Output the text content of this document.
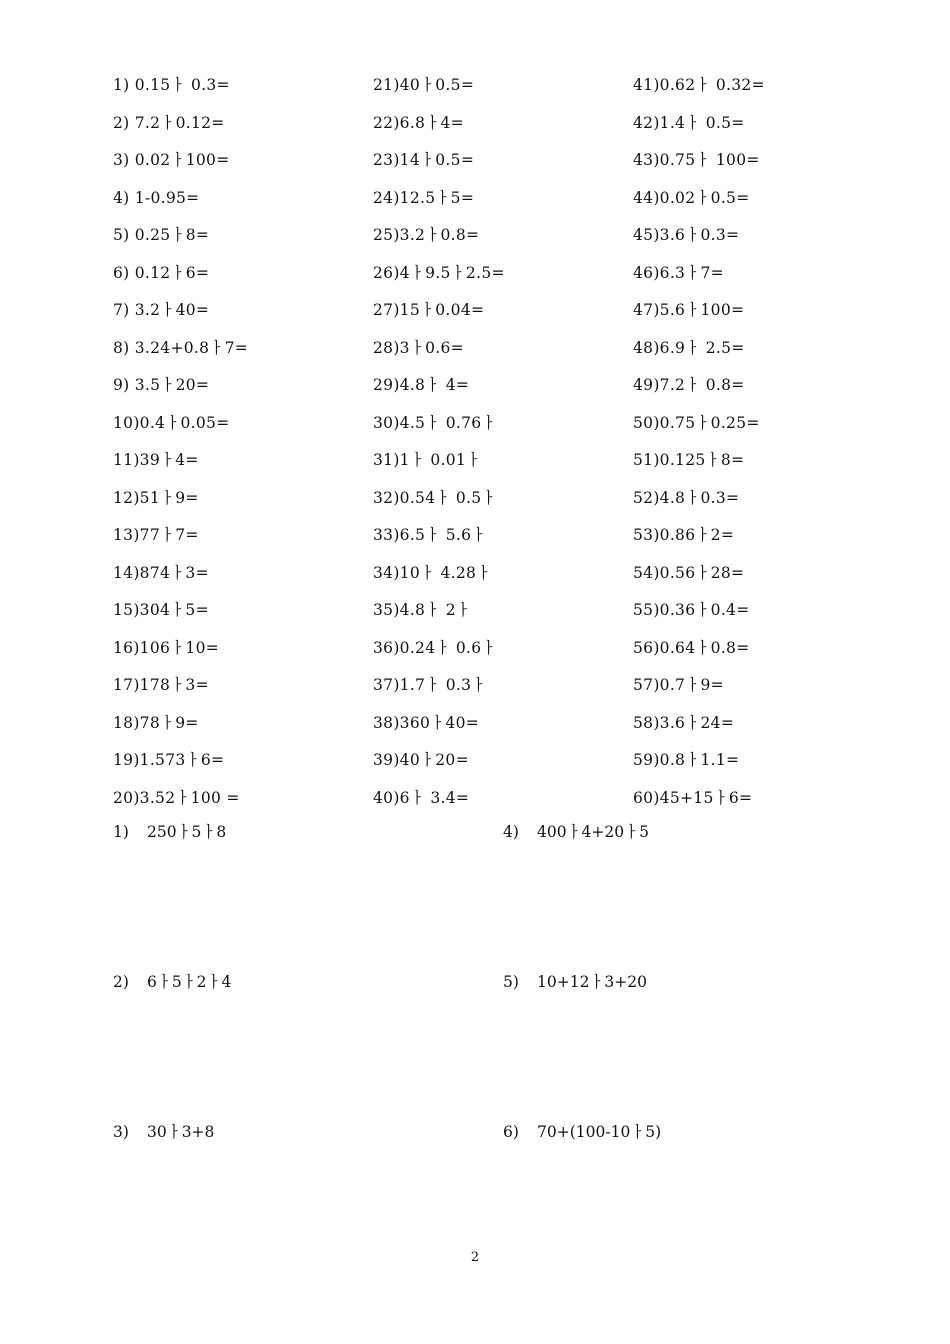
1) 0.15ￂ 0.3=
2) 7.2ￂ0.12=
3) 0.02ￂ100=
4) 1-0.95=
5) 0.25ￂ8=
6) 0.12ￂ6=
7) 3.2ￂ40=
8) 3.24+0.8ￂ7=
9) 3.5ￂ20=
10)0.4ￂ0.05=
11)39ￂ4=
12)51ￂ9=
13)77ￂ7=
14)874ￂ3=
15)304ￂ5=
16)106ￂ10=
17)178ￂ3=
18)78ￂ9=
19)1.573ￂ6=
20)3.52ￂ100 =
21)40ￂ0.5=
22)6.8ￂ4=
23)14ￂ0.5=
24)12.5ￂ5=
25)3.2ￂ0.8=
26)4ￂ9.5ￂ2.5=
27)15ￂ0.04=
28)3ￂ0.6=
29)4.8ￂ 4=
30)4.5ￂ 0.76ￂ
31)1ￂ 0.01ￂ
32)0.54ￂ 0.5ￂ
33)6.5ￂ 5.6ￂ
34)10ￂ 4.28ￂ
35)4.8ￂ 2ￂ
36)0.24ￂ 0.6ￂ
37)1.7ￂ 0.3ￂ
38)360ￂ40=
39)40ￂ20=
40)6ￂ 3.4=
41)0.62ￂ 0.32=
42)1.4ￂ 0.5=
43)0.75ￂ 100=
44)0.02ￂ0.5=
45)3.6ￂ0.3=
46)6.3ￂ7=
47)5.6ￂ100=
48)6.9ￂ 2.5=
49)7.2ￂ 0.8=
50)0.75ￂ0.25=
51)0.125ￂ8=
52)4.8ￂ0.3=
53)0.86ￂ2=
54)0.56ￂ28=
55)0.36ￂ0.4=
56)0.64ￂ0.8=
57)0.7ￂ9=
58)3.6ￂ24=
59)0.8ￂ1.1=
60)45+15ￂ6=
1) 250ￂ5ￂ8
2) 6ￂ5ￂ2ￂ4
3) 30ￂ3+8
4) 400ￂ4+20ￂ5
5) 10+12ￂ3+20
6) 70+(100-10ￂ5)
2
